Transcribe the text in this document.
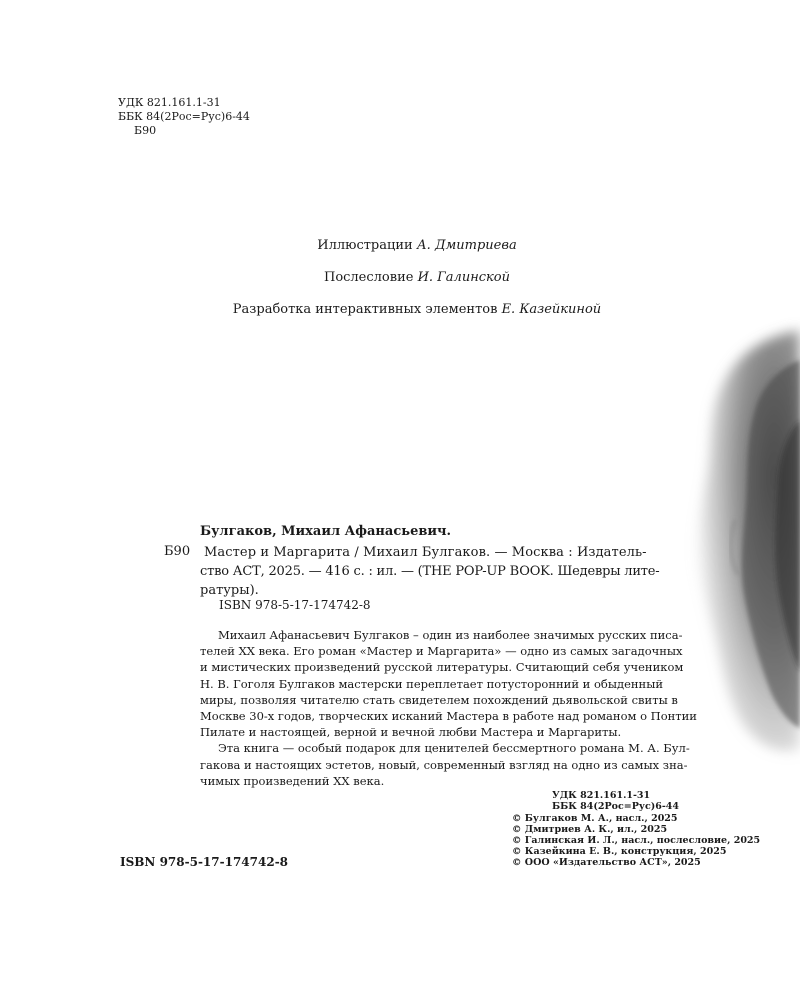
УДК 821.161.1-31
ББК 84(2Рос=Рус)6-44
Б90
Иллюстрации А. Дмитриева
Послесловие И. Галинской
Разработка интерактивных элементов Е. Казейкиной
Булгаков, Михаил Афанасьевич.
Б90 Мастер и Маргарита / Михаил Булгаков. — Москва : Издатель-
ство АСТ, 2025. — 416 с. : ил. — (THE POP-UP BOOK. Шедевры лите-
ратуры).
ISBN 978-5-17-174742-8
Михаил Афанасьевич Булгаков – один из наиболее значимых русских писа-
телей ХХ века. Его роман «Мастер и Маргарита» — одно из самых загадочных
и мистических произведений русской литературы. Считающий себя учеником
Н. В. Гоголя Булгаков мастерски переплетает потусторонний и обыденный
миры, позволяя читателю стать свидетелем похождений дьявольской свиты в
Москве 30-х годов, творческих исканий Мастера в работе над романом о Понтии
Пилате и настоящей, верной и вечной любви Мастера и Маргариты.
Эта книга — особый подарок для ценителей бессмертного романа М. А. Бул-
гакова и настоящих эстетов, новый, современный взгляд на одно из самых зна-
чимых произведений ХХ века.
УДК 821.161.1-31
ББК 84(2Рос=Рус)6-44
ISBN 978-5-17-174742-8
© Булгаков М. А., насл., 2025
© Дмитриев А. К., ил., 2025
© Галинская И. Л., насл., послесловие, 2025
© Казейкина Е. В., конструкция, 2025
© ООО «Издательство АСТ», 2025
